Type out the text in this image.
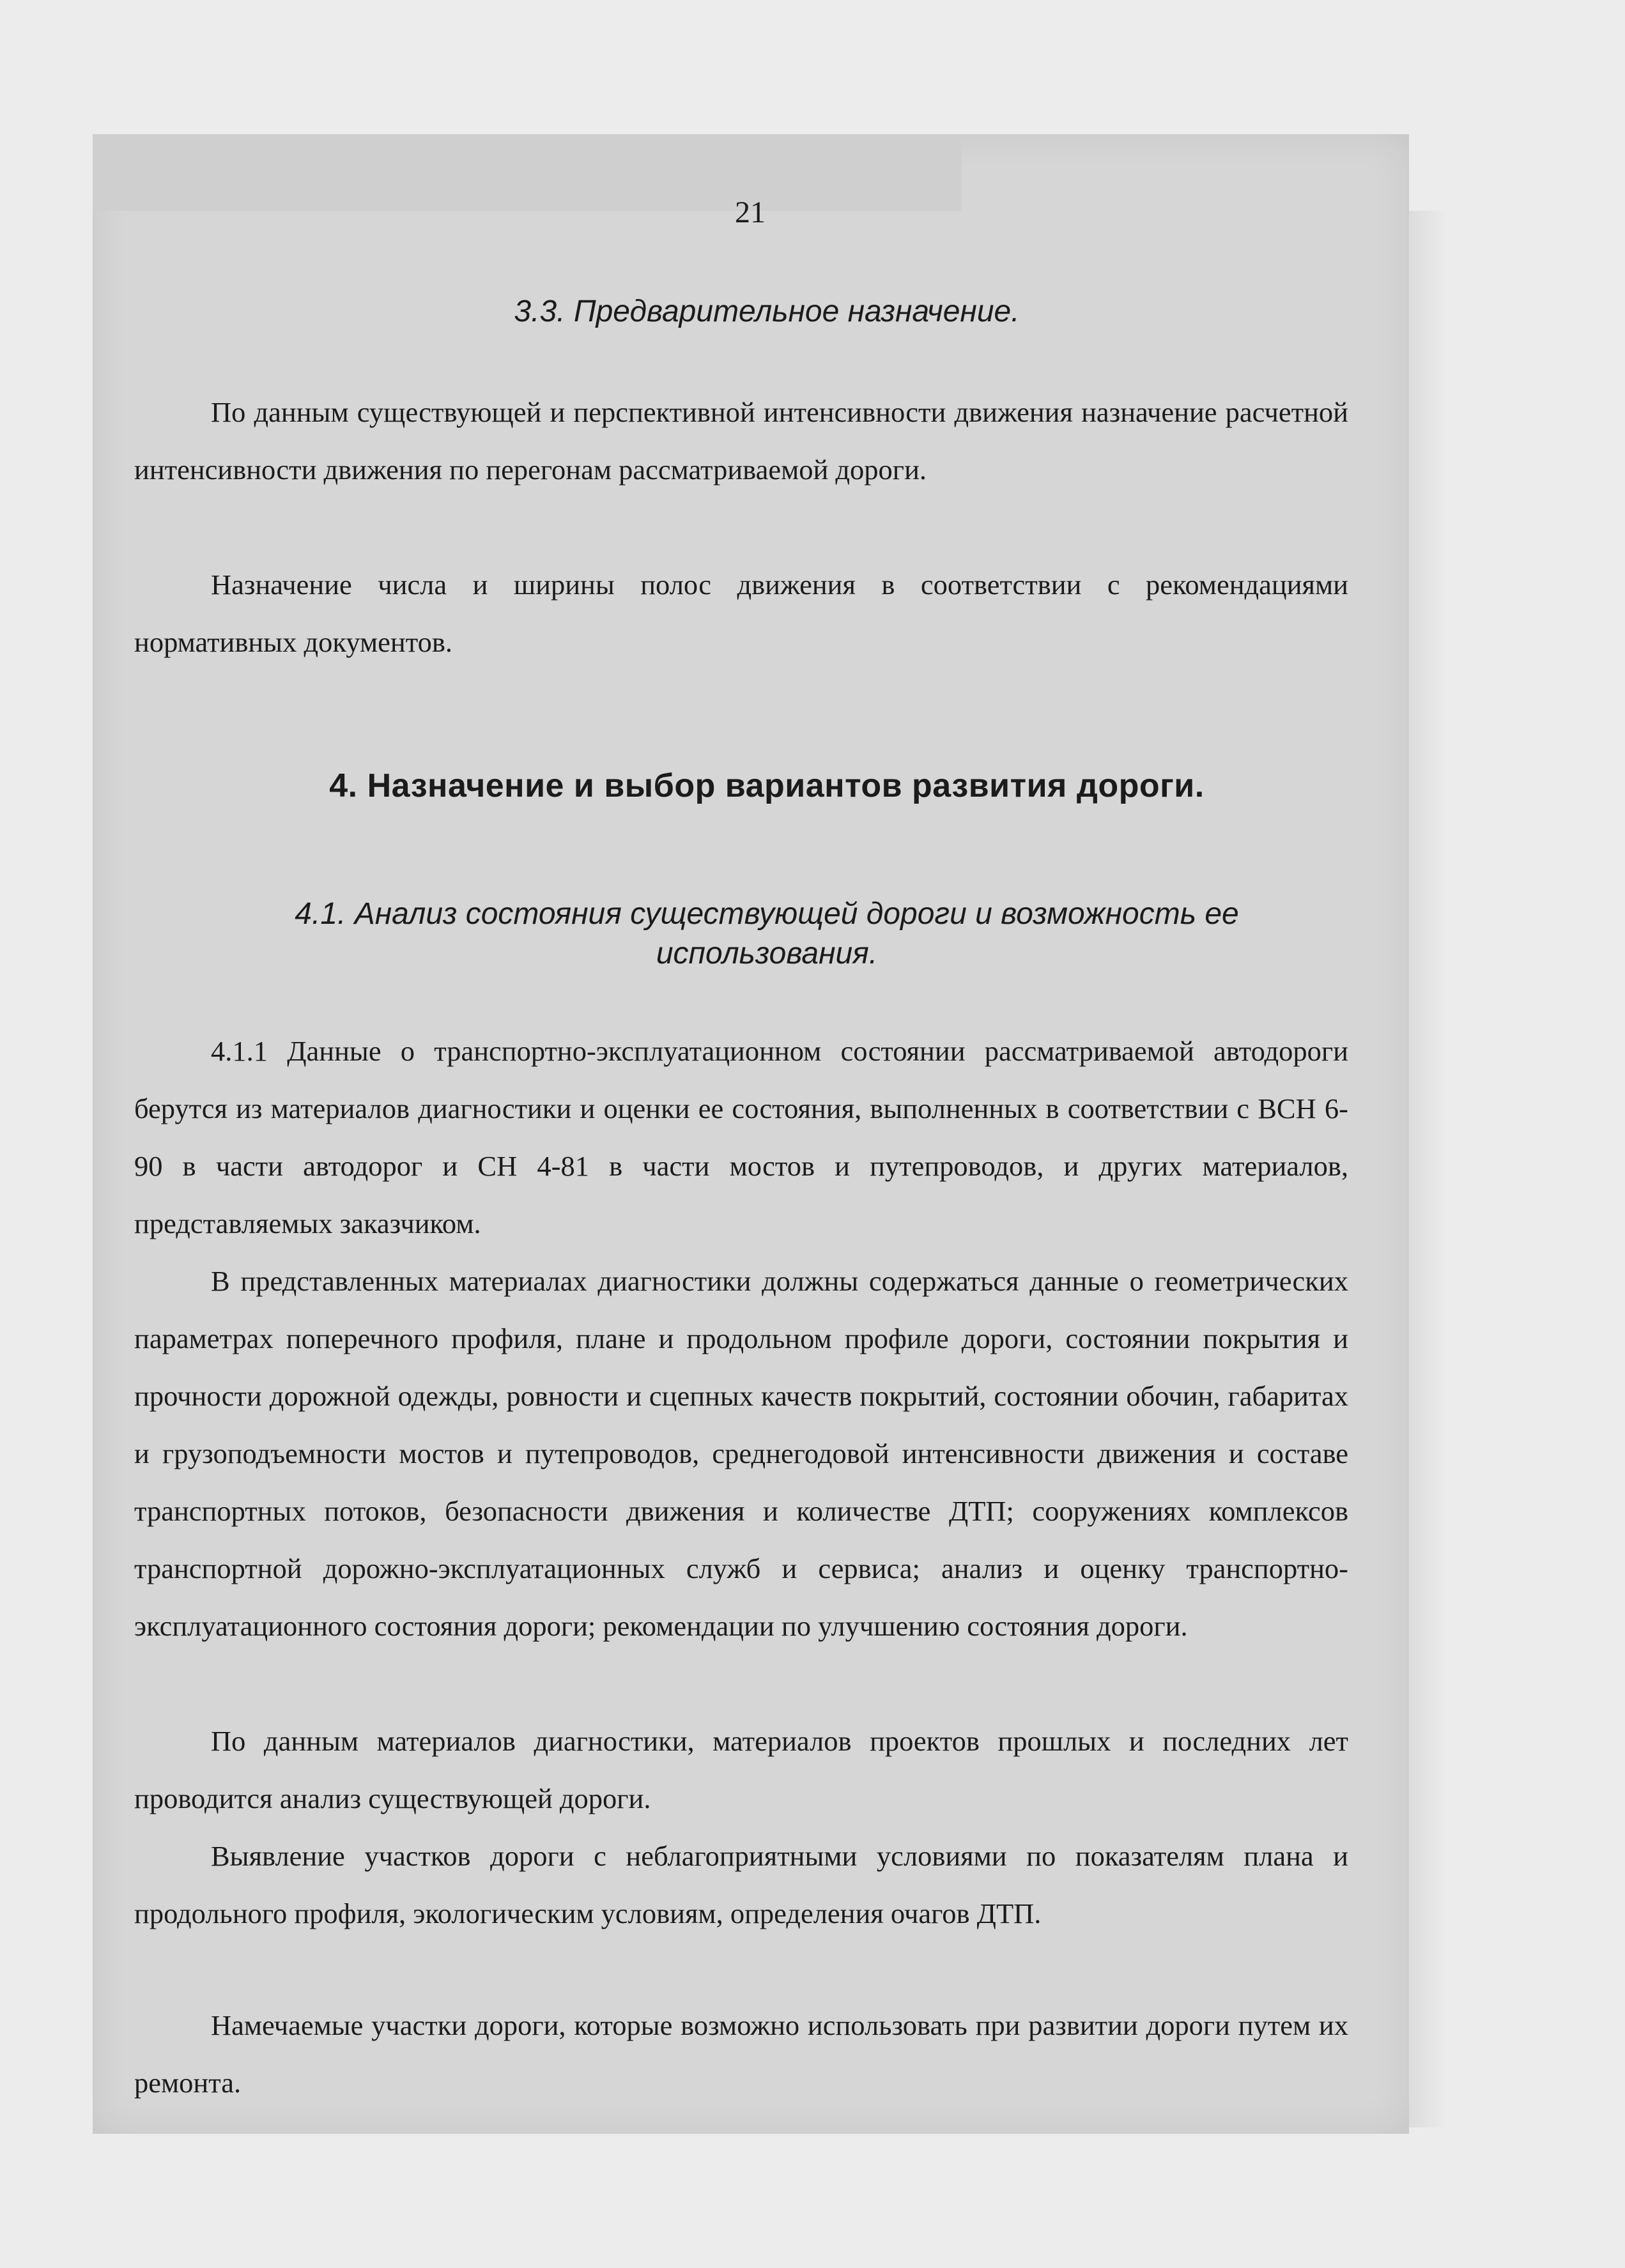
21
3.3. Предварительное назначение.
По данным существующей и перспективной интенсивности движения назначение расчетной интенсивности движения по перегонам рассматриваемой дороги.
Назначение числа и ширины полос движения в соответствии с рекомендациями нормативных документов.
4. Назначение и выбор вариантов развития дороги.
4.1. Анализ состояния существующей дороги и возможность ее
использования.
4.1.1 Данные о транспортно-эксплуатационном состоянии рассматриваемой автодороги берутся из материалов диагностики и оценки ее состояния, выполненных в соответствии с ВСН 6-90 в части автодорог и СН 4-81 в части мостов и путепроводов, и других материалов, представляемых заказчиком.
В представленных материалах диагностики должны содержаться данные о геометрических параметрах поперечного профиля, плане и продольном профиле дороги, состоянии покрытия и прочности дорожной одежды, ровности и сцепных качеств покрытий, состоянии обочин, габаритах и грузоподъемности мостов и путепроводов, среднегодовой интенсивности движения и составе транспортных потоков, безопасности движения и количестве ДТП; сооружениях комплексов транспортной дорожно-эксплуатационных служб и сервиса; анализ и оценку транспортно-эксплуатационного состояния дороги; рекомендации по улучшению состояния дороги.
По данным материалов диагностики, материалов проектов прошлых и последних лет проводится анализ существующей дороги.
Выявление участков дороги с неблагоприятными условиями по показателям плана и продольного профиля, экологическим условиям, определения очагов ДТП.
Намечаемые участки дороги, которые возможно использовать при развитии дороги путем их ремонта.
